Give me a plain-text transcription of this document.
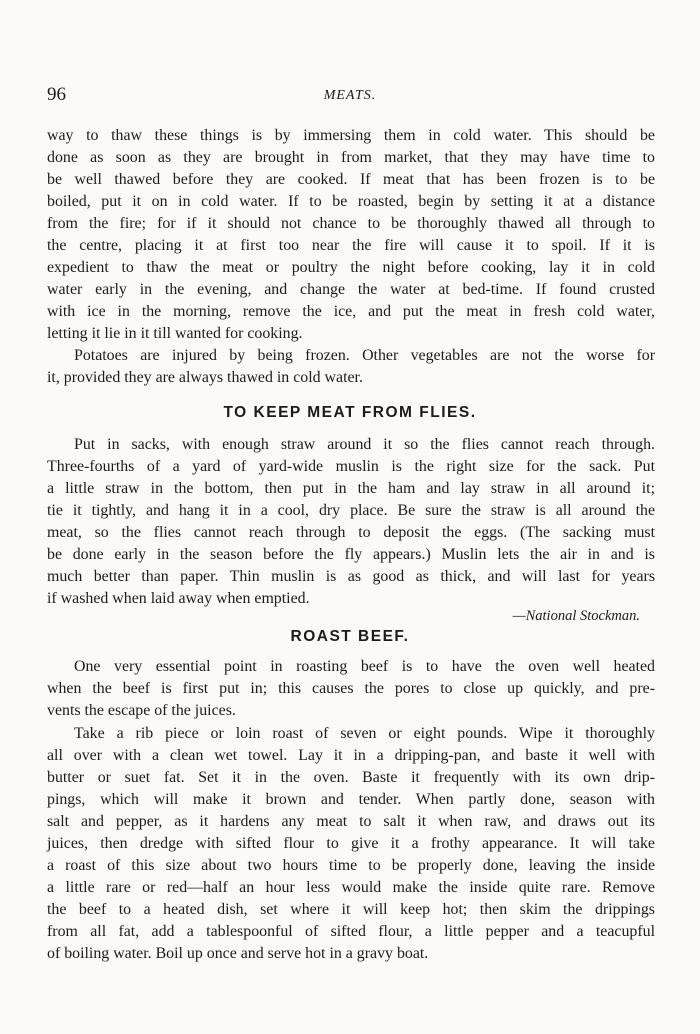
96	MEATS.
way to thaw these things is by immersing them in cold water. This should be
done as soon as they are brought in from market, that they may have time to
be well thawed before they are cooked. If meat that has been frozen is to be
boiled, put it on in cold water. If to be roasted, begin by setting it at a distance
from the fire; for if it should not chance to be thoroughly thawed all through to
the centre, placing it at first too near the fire will cause it to spoil. If it is
expedient to thaw the meat or poultry the night before cooking, lay it in cold
water early in the evening, and change the water at bed-time. If found crusted
with ice in the morning, remove the ice, and put the meat in fresh cold water,
letting it lie in it till wanted for cooking.
Potatoes are injured by being frozen. Other vegetables are not the worse for
it, provided they are always thawed in cold water.
TO KEEP MEAT FROM FLIES.
Put in sacks, with enough straw around it so the flies cannot reach through.
Three-fourths of a yard of yard-wide muslin is the right size for the sack. Put
a little straw in the bottom, then put in the ham and lay straw in all around it;
tie it tightly, and hang it in a cool, dry place. Be sure the straw is all around the
meat, so the flies cannot reach through to deposit the eggs. (The sacking must
be done early in the season before the fly appears.) Muslin lets the air in and is
much better than paper. Thin muslin is as good as thick, and will last for years
if washed when laid away when emptied.
—National Stockman.
ROAST BEEF.
One very essential point in roasting beef is to have the oven well heated
when the beef is first put in; this causes the pores to close up quickly, and pre-
vents the escape of the juices.
Take a rib piece or loin roast of seven or eight pounds. Wipe it thoroughly
all over with a clean wet towel. Lay it in a dripping-pan, and baste it well with
butter or suet fat. Set it in the oven. Baste it frequently with its own drip-
pings, which will make it brown and tender. When partly done, season with
salt and pepper, as it hardens any meat to salt it when raw, and draws out its
juices, then dredge with sifted flour to give it a frothy appearance. It will take
a roast of this size about two hours time to be properly done, leaving the inside
a little rare or red—half an hour less would make the inside quite rare. Remove
the beef to a heated dish, set where it will keep hot; then skim the drippings
from all fat, add a tablespoonful of sifted flour, a little pepper and a teacupful
of boiling water. Boil up once and serve hot in a gravy boat.
